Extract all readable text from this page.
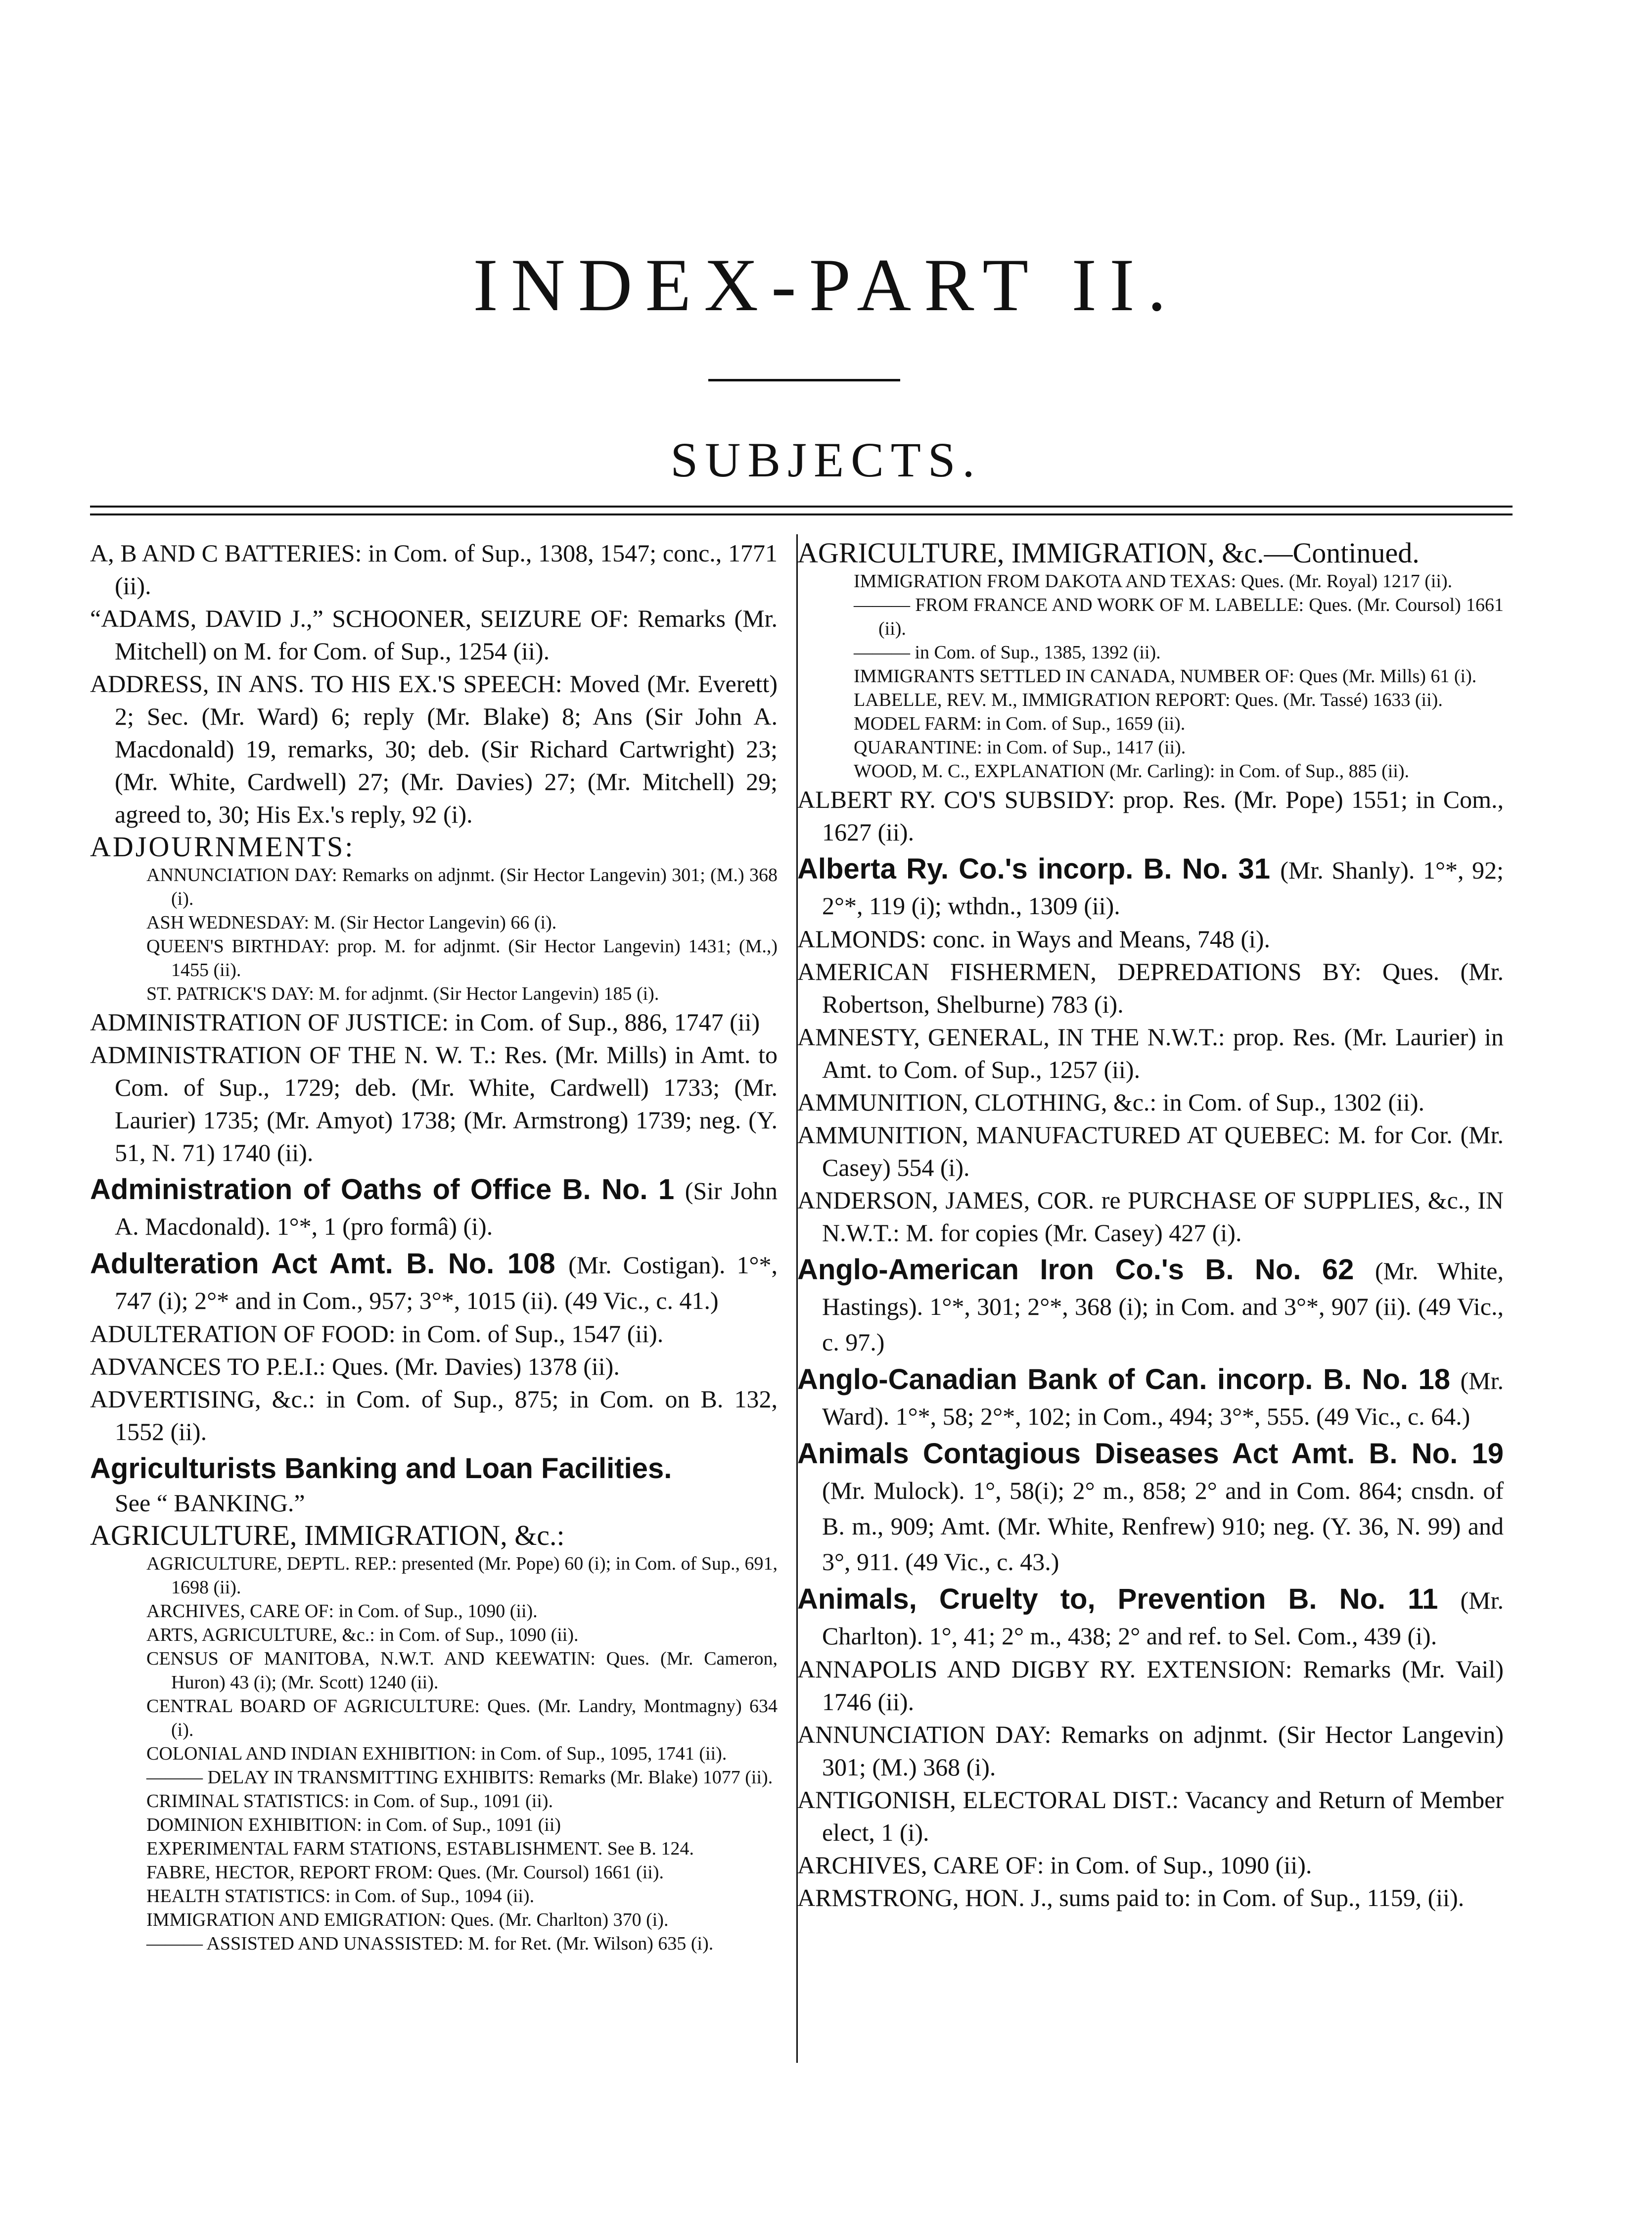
INDEX-PART II.
SUBJECTS.
A, B AND C BATTERIES: in Com. of Sup., 1308, 1547; conc., 1771 (ii).
“ADAMS, DAVID J.,” SCHOONER, SEIZURE OF: Remarks (Mr. Mitchell) on M. for Com. of Sup., 1254 (ii).
ADDRESS, IN ANS. TO HIS EX.'S SPEECH: Moved (Mr. Everett) 2; Sec. (Mr. Ward) 6; reply (Mr. Blake) 8; Ans (Sir John A. Macdonald) 19, remarks, 30; deb. (Sir Richard Cartwright) 23; (Mr. White, Cardwell) 27; (Mr. Davies) 27; (Mr. Mitchell) 29; agreed to, 30; His Ex.'s reply, 92 (i).
ADJOURNMENTS:
ANNUNCIATION DAY: Remarks on adjnmt. (Sir Hector Langevin) 301; (M.) 368 (i).
ASH WEDNESDAY: M. (Sir Hector Langevin) 66 (i).
QUEEN'S BIRTHDAY: prop. M. for adjnmt. (Sir Hector Langevin) 1431; (M.,) 1455 (ii).
ST. PATRICK'S DAY: M. for adjnmt. (Sir Hector Langevin) 185 (i).
ADMINISTRATION OF JUSTICE: in Com. of Sup., 886, 1747 (ii)
ADMINISTRATION OF THE N. W. T.: Res. (Mr. Mills) in Amt. to Com. of Sup., 1729; deb. (Mr. White, Cardwell) 1733; (Mr. Laurier) 1735; (Mr. Amyot) 1738; (Mr. Armstrong) 1739; neg. (Y. 51, N. 71) 1740 (ii).
Administration of Oaths of Office B. No. 1 (Sir John A. Macdonald). 1°*, 1 (pro formâ) (i).
Adulteration Act Amt. B. No. 108 (Mr. Costigan). 1°*, 747 (i); 2°* and in Com., 957; 3°*, 1015 (ii). (49 Vic., c. 41.)
ADULTERATION OF FOOD: in Com. of Sup., 1547 (ii).
ADVANCES TO P.E.I.: Ques. (Mr. Davies) 1378 (ii).
ADVERTISING, &c.: in Com. of Sup., 875; in Com. on B. 132, 1552 (ii).
Agriculturists Banking and Loan Facilities.
See “ BANKING.”
AGRICULTURE, IMMIGRATION, &c.:
AGRICULTURE, DEPTL. REP.: presented (Mr. Pope) 60 (i); in Com. of Sup., 691, 1698 (ii).
ARCHIVES, CARE OF: in Com. of Sup., 1090 (ii).
ARTS, AGRICULTURE, &c.: in Com. of Sup., 1090 (ii).
CENSUS OF MANITOBA, N.W.T. AND KEEWATIN: Ques. (Mr. Cameron, Huron) 43 (i); (Mr. Scott) 1240 (ii).
CENTRAL BOARD OF AGRICULTURE: Ques. (Mr. Landry, Montmagny) 634 (i).
COLONIAL AND INDIAN EXHIBITION: in Com. of Sup., 1095, 1741 (ii).
——— DELAY IN TRANSMITTING EXHIBITS: Remarks (Mr. Blake) 1077 (ii).
CRIMINAL STATISTICS: in Com. of Sup., 1091 (ii).
DOMINION EXHIBITION: in Com. of Sup., 1091 (ii)
EXPERIMENTAL FARM STATIONS, ESTABLISHMENT. See B. 124.
FABRE, HECTOR, REPORT FROM: Ques. (Mr. Coursol) 1661 (ii).
HEALTH STATISTICS: in Com. of Sup., 1094 (ii).
IMMIGRATION AND EMIGRATION: Ques. (Mr. Charlton) 370 (i).
——— ASSISTED AND UNASSISTED: M. for Ret. (Mr. Wilson) 635 (i).
AGRICULTURE, IMMIGRATION, &c.—Continued.
IMMIGRATION FROM DAKOTA AND TEXAS: Ques. (Mr. Royal) 1217 (ii).
——— FROM FRANCE AND WORK OF M. LABELLE: Ques. (Mr. Coursol) 1661 (ii).
——— in Com. of Sup., 1385, 1392 (ii).
IMMIGRANTS SETTLED IN CANADA, NUMBER OF: Ques (Mr. Mills) 61 (i).
LABELLE, REV. M., IMMIGRATION REPORT: Ques. (Mr. Tassé) 1633 (ii).
MODEL FARM: in Com. of Sup., 1659 (ii).
QUARANTINE: in Com. of Sup., 1417 (ii).
WOOD, M. C., EXPLANATION (Mr. Carling): in Com. of Sup., 885 (ii).
ALBERT RY. CO'S SUBSIDY: prop. Res. (Mr. Pope) 1551; in Com., 1627 (ii).
Alberta Ry. Co.'s incorp. B. No. 31 (Mr. Shanly). 1°*, 92; 2°*, 119 (i); wthdn., 1309 (ii).
ALMONDS: conc. in Ways and Means, 748 (i).
AMERICAN FISHERMEN, DEPREDATIONS BY: Ques. (Mr. Robertson, Shelburne) 783 (i).
AMNESTY, GENERAL, IN THE N.W.T.: prop. Res. (Mr. Laurier) in Amt. to Com. of Sup., 1257 (ii).
AMMUNITION, CLOTHING, &c.: in Com. of Sup., 1302 (ii).
AMMUNITION, MANUFACTURED AT QUEBEC: M. for Cor. (Mr. Casey) 554 (i).
ANDERSON, JAMES, COR. re PURCHASE OF SUPPLIES, &c., IN N.W.T.: M. for copies (Mr. Casey) 427 (i).
Anglo-American Iron Co.'s B. No. 62 (Mr. White, Hastings). 1°*, 301; 2°*, 368 (i); in Com. and 3°*, 907 (ii). (49 Vic., c. 97.)
Anglo-Canadian Bank of Can. incorp. B. No. 18 (Mr. Ward). 1°*, 58; 2°*, 102; in Com., 494; 3°*, 555. (49 Vic., c. 64.)
Animals Contagious Diseases Act Amt. B. No. 19 (Mr. Mulock). 1°, 58(i); 2° m., 858; 2° and in Com. 864; cnsdn. of B. m., 909; Amt. (Mr. White, Renfrew) 910; neg. (Y. 36, N. 99) and 3°, 911. (49 Vic., c. 43.)
Animals, Cruelty to, Prevention B. No. 11 (Mr. Charlton). 1°, 41; 2° m., 438; 2° and ref. to Sel. Com., 439 (i).
ANNAPOLIS AND DIGBY RY. EXTENSION: Remarks (Mr. Vail) 1746 (ii).
ANNUNCIATION DAY: Remarks on adjnmt. (Sir Hector Langevin) 301; (M.) 368 (i).
ANTIGONISH, ELECTORAL DIST.: Vacancy and Return of Member elect, 1 (i).
ARCHIVES, CARE OF: in Com. of Sup., 1090 (ii).
ARMSTRONG, HON. J., sums paid to: in Com. of Sup., 1159, (ii).
